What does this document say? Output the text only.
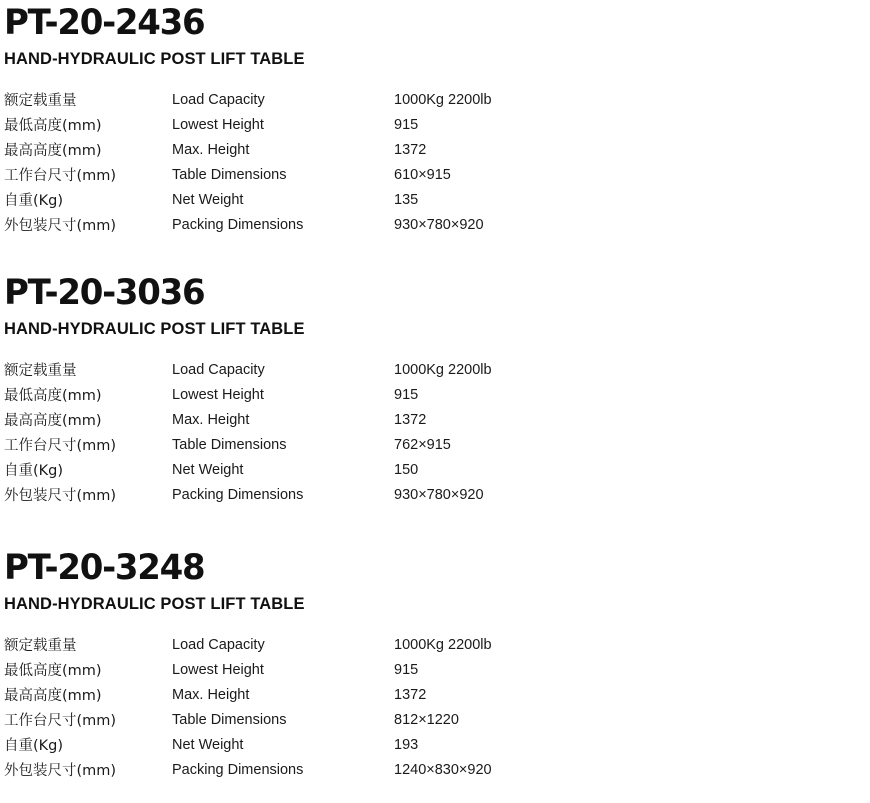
PT-20-2436
HAND-HYDRAULIC POST LIFT TABLE
额定载重量	Load Capacity	1000Kg 2200lb
最低高度(mm)	Lowest Height	915
最高高度(mm)	Max. Height	1372
工作台尺寸(mm)	Table Dimensions	610×915
自重(Kg)	Net Weight	135
外包装尺寸(mm)	Packing Dimensions	930×780×920
PT-20-3036
HAND-HYDRAULIC POST LIFT TABLE
额定载重量	Load Capacity	1000Kg 2200lb
最低高度(mm)	Lowest Height	915
最高高度(mm)	Max. Height	1372
工作台尺寸(mm)	Table Dimensions	762×915
自重(Kg)	Net Weight	150
外包装尺寸(mm)	Packing Dimensions	930×780×920
PT-20-3248
HAND-HYDRAULIC POST LIFT TABLE
额定载重量	Load Capacity	1000Kg 2200lb
最低高度(mm)	Lowest Height	915
最高高度(mm)	Max. Height	1372
工作台尺寸(mm)	Table Dimensions	812×1220
自重(Kg)	Net Weight	193
外包装尺寸(mm)	Packing Dimensions	1240×830×920
